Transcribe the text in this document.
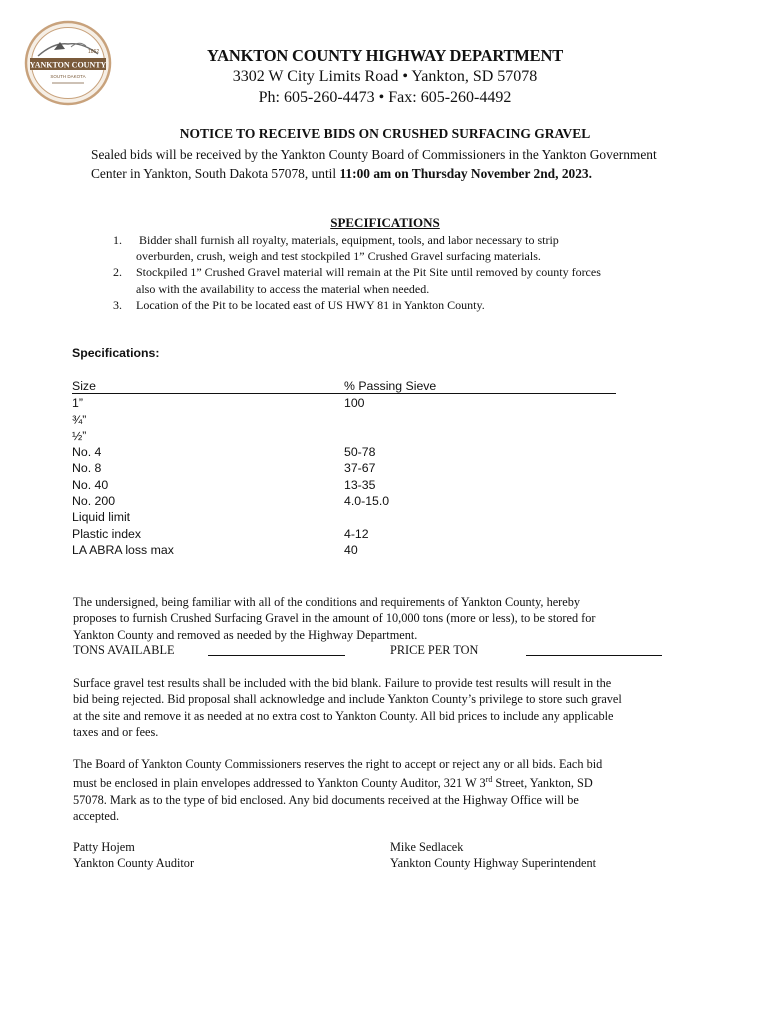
1862
YANKTON COUNTY
SOUTH DAKOTA
YANKTON COUNTY HIGHWAY DEPARTMENT
3302 W City Limits Road • Yankton, SD 57078
Ph: 605-260-4473 • Fax: 605-260-4492
NOTICE TO RECEIVE BIDS ON CRUSHED SURFACING GRAVEL
Sealed bids will be received by the Yankton County Board of Commissioners in the Yankton Government Center in Yankton, South Dakota 57078, until 11:00 am on Thursday November 2nd, 2023.
SPECIFICATIONS
1. Bidder shall furnish all royalty, materials, equipment, tools, and labor necessary to strip
overburden, crush, weigh and test stockpiled 1” Crushed Gravel surfacing materials.
2. Stockpiled 1” Crushed Gravel material will remain at the Pit Site until removed by county forces
also with the availability to access the material when needed.
3. Location of the Pit to be located east of US HWY 81 in Yankton County.
Specifications:
Size	% Passing Sieve
1”	100
¾”
½”
No. 4	50-78
No. 8	37-67
No. 40	13-35
No. 200	4.0-15.0
Liquid limit
Plastic index	4-12
LA ABRA loss max	40
The undersigned, being familiar with all of the conditions and requirements of Yankton County, hereby
proposes to furnish Crushed Surfacing Gravel in the amount of 10,000 tons (more or less), to be stored for
Yankton County and removed as needed by the Highway Department.
TONS AVAILABLE	PRICE PER TON
Surface gravel test results shall be included with the bid blank. Failure to provide test results will result in the
bid being rejected. Bid proposal shall acknowledge and include Yankton County’s privilege to store such gravel
at the site and remove it as needed at no extra cost to Yankton County. All bid prices to include any applicable
taxes and or fees.
The Board of Yankton County Commissioners reserves the right to accept or reject any or all bids. Each bid
must be enclosed in plain envelopes addressed to Yankton County Auditor, 321 W 3rd Street, Yankton, SD
57078. Mark as to the type of bid enclosed. Any bid documents received at the Highway Office will be
accepted.
Patty Hojem
Yankton County Auditor
Mike Sedlacek
Yankton County Highway Superintendent
